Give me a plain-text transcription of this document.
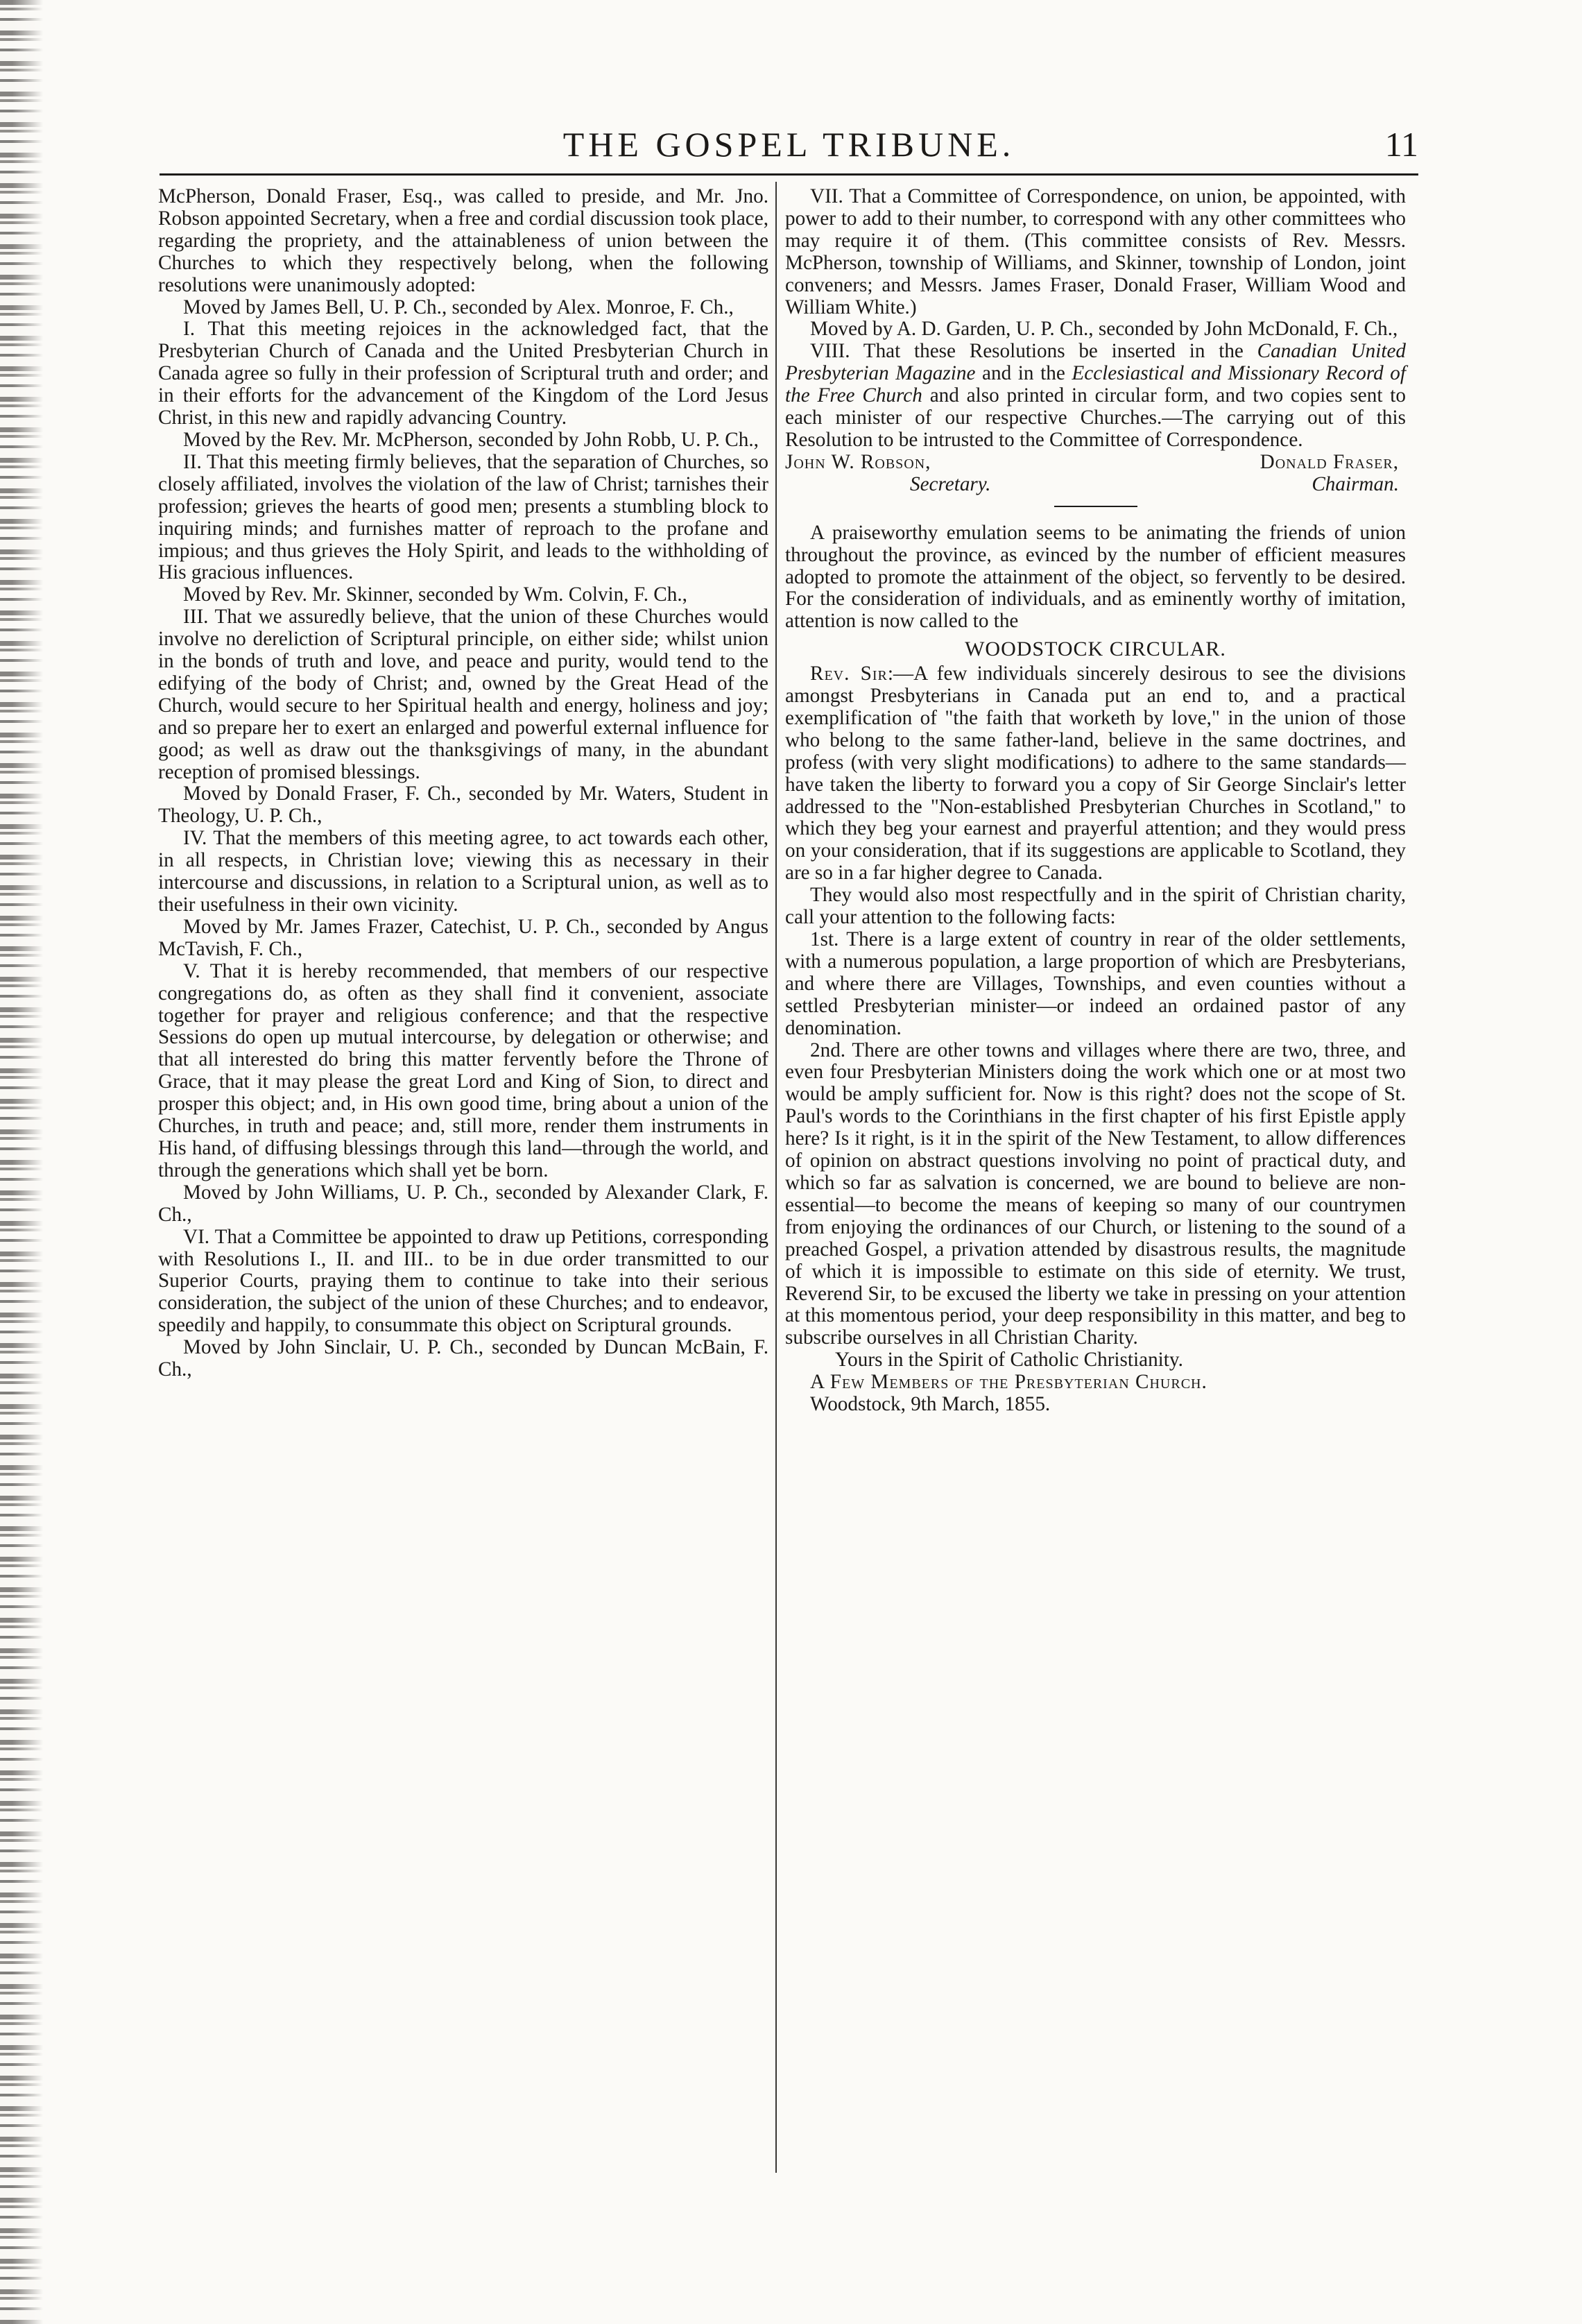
THE GOSPEL TRIBUNE.	11

McPherson, Donald Fraser, Esq., was called to preside, and Mr. Jno. Robson appointed Secretary, when a free and cordial discussion took place, regarding the propriety, and the attainableness of union between the Churches to which they respectively belong, when the following resolutions were unanimously adopted:

Moved by James Bell, U. P. Ch., seconded by Alex. Monroe, F. Ch.,

I. That this meeting rejoices in the acknowledged fact, that the Presbyterian Church of Canada and the United Presbyterian Church in Canada agree so fully in their profession of Scriptural truth and order; and in their efforts for the advancement of the Kingdom of the Lord Jesus Christ, in this new and rapidly advancing Country.

Moved by the Rev. Mr. McPherson, seconded by John Robb, U. P. Ch.,

II. That this meeting firmly believes, that the separation of Churches, so closely affiliated, involves the violation of the law of Christ; tarnishes their profession; grieves the hearts of good men; presents a stumbling block to inquiring minds; and furnishes matter of reproach to the profane and impious; and thus grieves the Holy Spirit, and leads to the withholding of His gracious influences.

Moved by Rev. Mr. Skinner, seconded by Wm. Colvin, F. Ch.,

III. That we assuredly believe, that the union of these Churches would involve no dereliction of Scriptural principle, on either side; whilst union in the bonds of truth and love, and peace and purity, would tend to the edifying of the body of Christ; and, owned by the Great Head of the Church, would secure to her Spiritual health and energy, holiness and joy; and so prepare her to exert an enlarged and powerful external influence for good; as well as draw out the thanksgivings of many, in the abundant reception of promised blessings.

Moved by Donald Fraser, F. Ch., seconded by Mr. Waters, Student in Theology, U. P. Ch.,

IV. That the members of this meeting agree, to act towards each other, in all respects, in Christian love; viewing this as necessary in their intercourse and discussions, in relation to a Scriptural union, as well as to their usefulness in their own vicinity.

Moved by Mr. James Frazer, Catechist, U. P. Ch., seconded by Angus McTavish, F. Ch.,

V. That it is hereby recommended, that members of our respective congregations do, as often as they shall find it convenient, associate together for prayer and religious conference; and that the respective Sessions do open up mutual intercourse, by delegation or otherwise; and that all interested do bring this matter fervently before the Throne of Grace, that it may please the great Lord and King of Sion, to direct and prosper this object; and, in His own good time, bring about a union of the Churches, in truth and peace; and, still more, render them instruments in His hand, of diffusing blessings through this land—through the world, and through the generations which shall yet be born.

Moved by John Williams, U. P. Ch., seconded by Alexander Clark, F. Ch.,

VI. That a Committee be appointed to draw up Petitions, corresponding with Resolutions I., II. and III.. to be in due order transmitted to our Superior Courts, praying them to continue to take into their serious consideration, the subject of the union of these Churches; and to endeavor, speedily and happily, to consummate this object on Scriptural grounds.

Moved by John Sinclair, U. P. Ch., seconded by Duncan McBain, F. Ch.,

VII. That a Committee of Correspondence, on union, be appointed, with power to add to their number, to correspond with any other committees who may require it of them. (This committee consists of Rev. Messrs. McPherson, township of Williams, and Skinner, township of London, joint conveners; and Messrs. James Fraser, Donald Fraser, William Wood and William White.)

Moved by A. D. Garden, U. P. Ch., seconded by John McDonald, F. Ch.,

VIII. That these Resolutions be inserted in the Canadian United Presbyterian Magazine and in the Ecclesiastical and Missionary Record of the Free Church and also printed in circular form, and two copies sent to each minister of our respective Churches.—The carrying out of this Resolution to be intrusted to the Committee of Correspondence.

John W. Robson,	Donald Fraser,
Secretary.	Chairman.

A praiseworthy emulation seems to be animating the friends of union throughout the province, as evinced by the number of efficient measures adopted to promote the attainment of the object, so fervently to be desired. For the consideration of individuals, and as eminently worthy of imitation, attention is now called to the

WOODSTOCK CIRCULAR.

Rev. Sir:—A few individuals sincerely desirous to see the divisions amongst Presbyterians in Canada put an end to, and a practical exemplification of "the faith that worketh by love," in the union of those who belong to the same father-land, believe in the same doctrines, and profess (with very slight modifications) to adhere to the same standards—have taken the liberty to forward you a copy of Sir George Sinclair's letter addressed to the "Non-established Presbyterian Churches in Scotland," to which they beg your earnest and prayerful attention; and they would press on your consideration, that if its suggestions are applicable to Scotland, they are so in a far higher degree to Canada.

They would also most respectfully and in the spirit of Christian charity, call your attention to the following facts:

1st. There is a large extent of country in rear of the older settlements, with a numerous population, a large proportion of which are Presbyterians, and where there are Villages, Townships, and even counties without a settled Presbyterian minister—or indeed an ordained pastor of any denomination.

2nd. There are other towns and villages where there are two, three, and even four Presbyterian Ministers doing the work which one or at most two would be amply sufficient for. Now is this right? does not the scope of St. Paul's words to the Corinthians in the first chapter of his first Epistle apply here? Is it right, is it in the spirit of the New Testament, to allow differences of opinion on abstract questions involving no point of practical duty, and which so far as salvation is concerned, we are bound to believe are non-essential—to become the means of keeping so many of our countrymen from enjoying the ordinances of our Church, or listening to the sound of a preached Gospel, a privation attended by disastrous results, the magnitude of which it is impossible to estimate on this side of eternity. We trust, Reverend Sir, to be excused the liberty we take in pressing on your attention at this momentous period, your deep responsibility in this matter, and beg to subscribe ourselves in all Christian Charity.

Yours in the Spirit of Catholic Christianity.

A Few Members of the Presbyterian Church.

Woodstock, 9th March, 1855.
